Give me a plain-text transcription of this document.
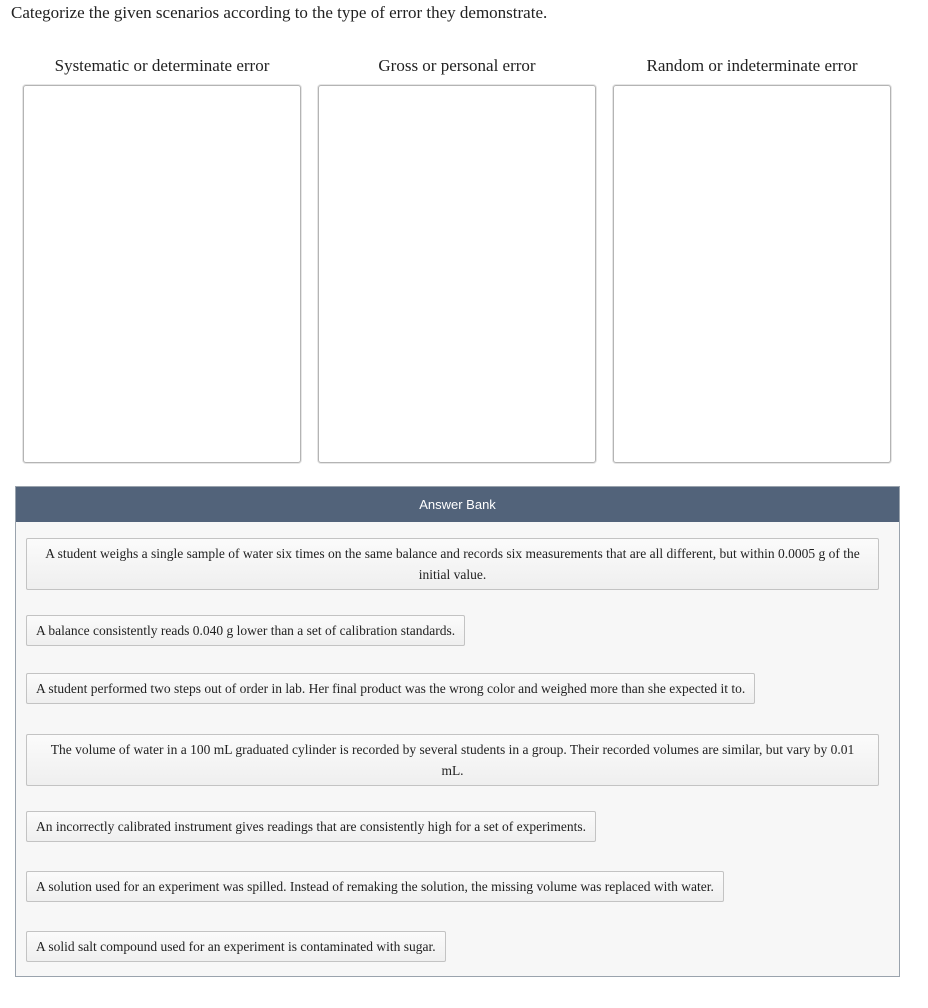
Categorize the given scenarios according to the type of error they demonstrate.
Systematic or determinate error	Gross or personal error	Random or indeterminate error
Answer Bank
A student weighs a single sample of water six times on the same balance and records six measurements that are all different, but within 0.0005 g of the initial value.
A balance consistently reads 0.040 g lower than a set of calibration standards.
A student performed two steps out of order in lab. Her final product was the wrong color and weighed more than she expected it to.
The volume of water in a 100 mL graduated cylinder is recorded by several students in a group. Their recorded volumes are similar, but vary by 0.01 mL.
An incorrectly calibrated instrument gives readings that are consistently high for a set of experiments.
A solution used for an experiment was spilled. Instead of remaking the solution, the missing volume was replaced with water.
A solid salt compound used for an experiment is contaminated with sugar.
